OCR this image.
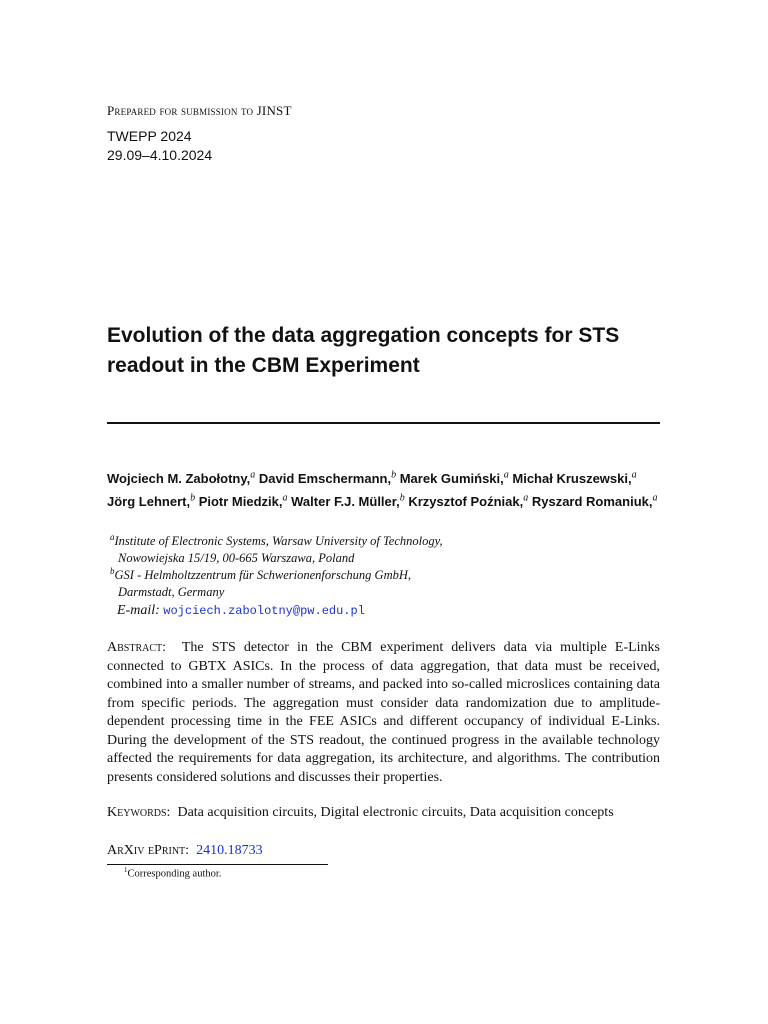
Prepared for submission to JINST
TWEPP 2024
29.09–4.10.2024
Evolution of the data aggregation concepts for STS readout in the CBM Experiment
Wojciech M. Zabołotny,$^a$ David Emschermann,$^b$ Marek Gumiński,$^a$ Michał Kruszewski,$^a$ Jörg Lehnert,$^b$ Piotr Miedzik,$^a$ Walter F.J. Müller,$^b$ Krzysztof Poźniak,$^a$ Ryszard Romaniuk,$^a$
$^a$Institute of Electronic Systems, Warsaw University of Technology,
Nowowiejska 15/19, 00-665 Warszawa, Poland
$^b$GSI - Helmholtzzentrum für Schwerionenforschung GmbH,
Darmstadt, Germany
E-mail: wojciech.zabolotny@pw.edu.pl
Abstract: The STS detector in the CBM experiment delivers data via multiple E-Links connected to GBTX ASICs. In the process of data aggregation, that data must be received, combined into a smaller number of streams, and packed into so-called microslices containing data from specific periods. The aggregation must consider data randomization due to amplitude-dependent processing time in the FEE ASICs and different occupancy of individual E-Links. During the development of the STS readout, the continued progress in the available technology affected the requirements for data aggregation, its architecture, and algorithms. The contribution presents considered solutions and discusses their properties.
Keywords: Data acquisition circuits, Digital electronic circuits, Data acquisition concepts
ArXiv ePrint: 2410.18733
$^1$Corresponding author.
